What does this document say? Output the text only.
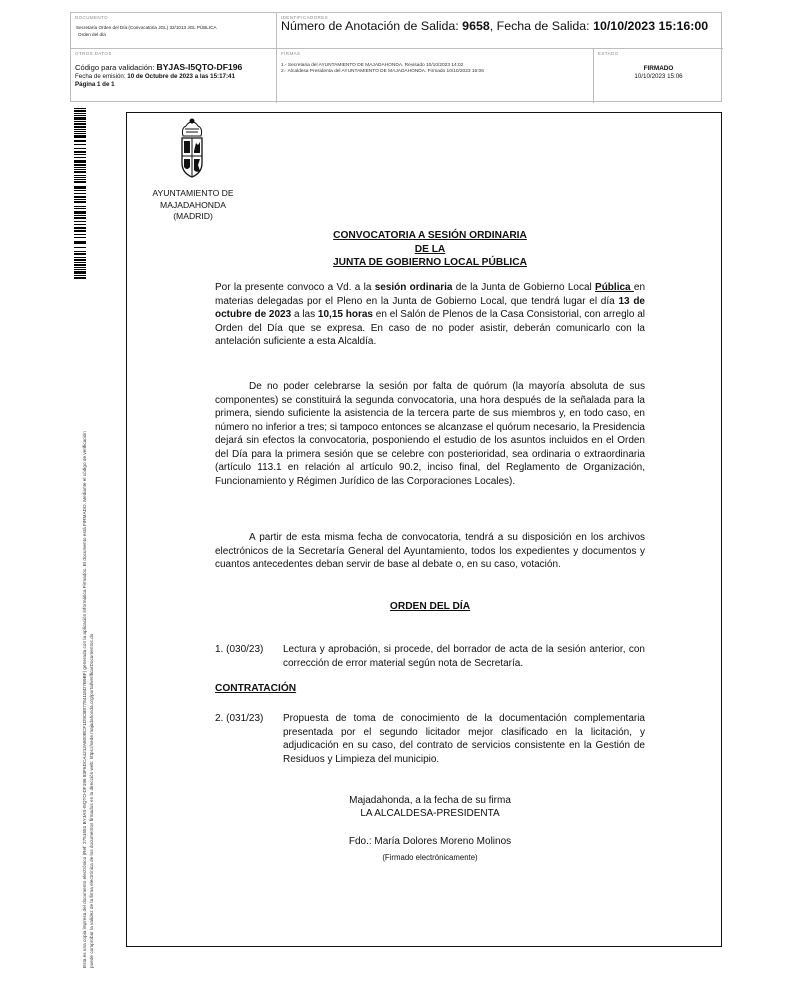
DOCUMENTO
Secretaría Orden del Día (Convocatoria JGL) 32/1013 JGL PÚBLICA
Orden del día
IDENTIFICADORES
Número de Anotación de Salida: 9658, Fecha de Salida: 10/10/2023 15:16:00
OTROS DATOS
Código para validación: BYJAS-I5QTO-DF196
Fecha de emisión: 10 de Octubre de 2023 a las 15:17:41
Página 1 de 1
FIRMAS
1.- Secretaria del AYUNTAMIENTO DE MAJADAHONDA. Revisado 10/10/2023 14:02
2.- Alcaldesa Presidenta del AYUNTAMIENTO DE MAJADAHONDA. Firmado 10/10/2023 15:06
ESTADO
FIRMADO
10/10/2023 15:06
Esta es una copia impresa del documento electrónico (Ref: 2751551 BYJAS-I5QTO-DF196 83F6DCA4212A800BCF1D9CB87784115D7B9BF) generada con la aplicación informática Firmadoc. El documento está FIRMADO. Mediante el código de verificación puede comprobar la validez de la firma electrónica de los documentos firmados en la dirección web: https://sede.majadahonda.org/portal/verificarDocumentos.do
AYUNTAMIENTO DE
MAJADAHONDA
(MADRID)
CONVOCATORIA A SESIÓN ORDINARIA
DE LA
JUNTA DE GOBIERNO LOCAL PÚBLICA
Por la presente convoco a Vd. a la sesión ordinaria de la Junta de Gobierno Local Pública en materias delegadas por el Pleno en la Junta de Gobierno Local, que tendrá lugar el día 13 de octubre de 2023 a las 10,15 horas en el Salón de Plenos de la Casa Consistorial, con arreglo al Orden del Día que se expresa. En caso de no poder asistir, deberán comunicarlo con la antelación suficiente a esta Alcaldía.
De no poder celebrarse la sesión por falta de quórum (la mayoría absoluta de sus componentes) se constituirá la segunda convocatoria, una hora después de la señalada para la primera, siendo suficiente la asistencia de la tercera parte de sus miembros y, en todo caso, en número no inferior a tres; si tampoco entonces se alcanzase el quórum necesario, la Presidencia dejará sin efectos la convocatoria, posponiendo el estudio de los asuntos incluidos en el Orden del Día para la primera sesión que se celebre con posterioridad, sea ordinaria o extraordinaria (artículo 113.1 en relación al artículo 90.2, inciso final, del Reglamento de Organización, Funcionamiento y Régimen Jurídico de las Corporaciones Locales).
A partir de esta misma fecha de convocatoria, tendrá a su disposición en los archivos electrónicos de la Secretaría General del Ayuntamiento, todos los expedientes y documentos y cuantos antecedentes deban servir de base al debate o, en su caso, votación.
ORDEN DEL DÍA
1. (030/23)	Lectura y aprobación, si procede, del borrador de acta de la sesión anterior, con corrección de error material según nota de Secretaría.
CONTRATACIÓN
2. (031/23)	Propuesta de toma de conocimiento de la documentación complementaria presentada por el segundo licitador mejor clasificado en la licitación, y adjudicación en su caso, del contrato de servicios consistente en la Gestión de Residuos y Limpieza del municipio.
Majadahonda, a la fecha de su firma
LA ALCALDESA-PRESIDENTA
Fdo.: María Dolores Moreno Molinos
(Firmado electrónicamente)
